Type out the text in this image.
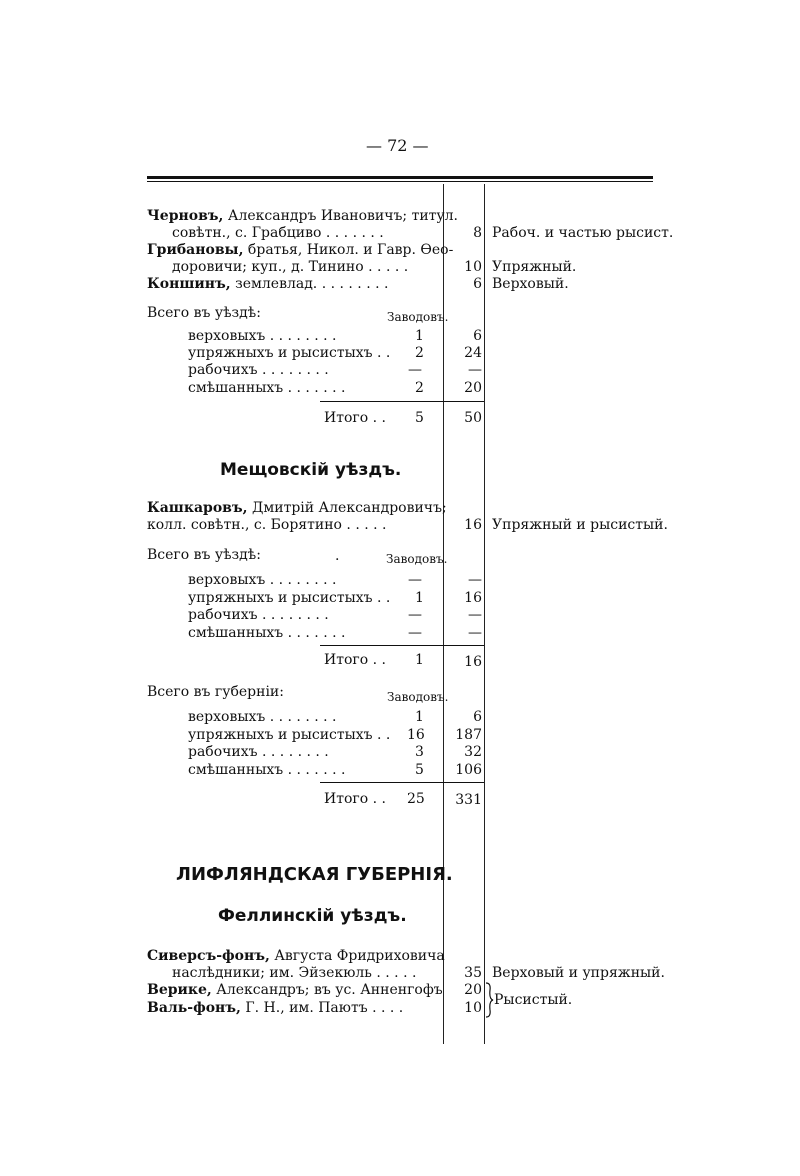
— 72 —
Черновъ, Александръ Ивановичъ; титул.
совѣтн., с. Грабциво . . . . . . .	8 Рабоч. и частью рысист.
Грибановы, братья, Никол. и Гавр. Өео-
доровичи; куп., д. Тинино . . . . .	10 Упряжный.
Коншинъ, землевлад. . . . . . . . .	6 Верховый.
Всего въ уѣздѣ:	Заводовъ.
верховыхъ . . . . . . . .	1	6
упряжныхъ и рысистыхъ . . 2	24
рабочихъ . . . . . . . .	—	—
смѣшанныхъ . . . . . . .	2	20
Итого . . 5	50
Мещовскій уѣздъ.
Кашкаровъ, Дмитрій Александровичъ;
колл. совѣтн., с. Борятино . . . . .	16 Упряжный и рысистый.
Всего въ уѣздѣ:	.	Заводовъ.
верховыхъ . . . . . . . .	—	—
упряжныхъ и рысистыхъ . . 1	16
рабочихъ . . . . . . . .	—	—
смѣшанныхъ . . . . . . .	—	—
Итого . . 1	16
Всего въ губерніи:	Заводовъ.
верховыхъ . . . . . . . .	1	6
упряжныхъ и рысистыхъ . . 16	187
рабочихъ . . . . . . . .	3	32
смѣшанныхъ . . . . . . .	5	106
Итого . . 25	331
ЛИФЛЯНДСКАЯ ГУБЕРНІЯ.
Феллинскій уѣздъ.
Сиверсъ-фонъ, Августа Фридриховича
наслѣдники; им. Эйзекюль . . . . .	35 Верховый и упряжный.
Верике, Александръ; въ ус. Анненгофъ	20
Валь-фонъ, Г. Н., им. Паютъ . . . .	10 Рысистый.
